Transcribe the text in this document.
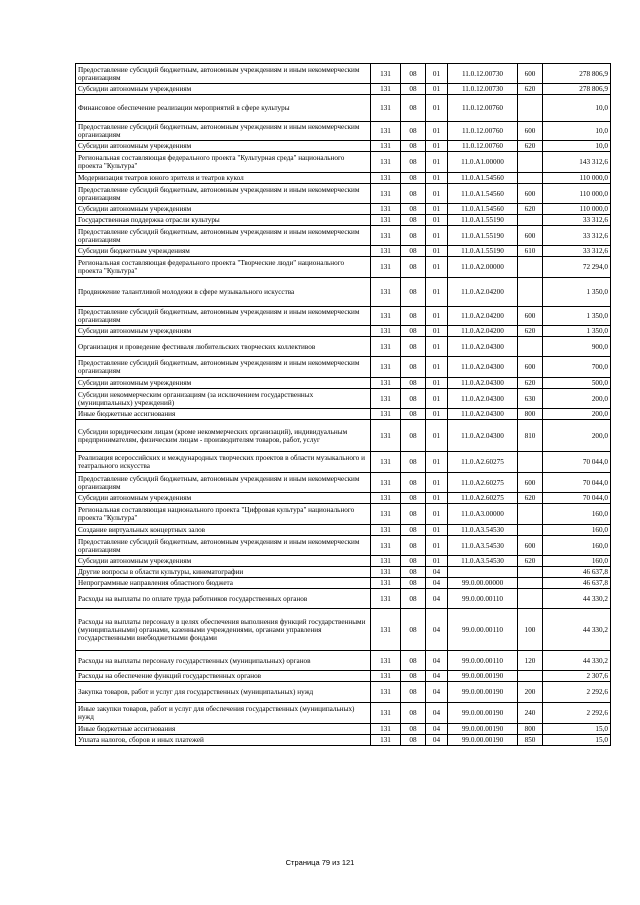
Предоставление субсидий бюджетным, автономным учреждениям и иным некоммерческим организациям	131	08	01	11.0.12.00730	600	278 806,9
Субсидии автономным учреждениям	131	08	01	11.0.12.00730	620	278 806,9
Финансовое обеспечение реализации мероприятий в сфере культуры	131	08	01	11.0.12.00760		10,0
Предоставление субсидий бюджетным, автономным учреждениям и иным некоммерческим организациям	131	08	01	11.0.12.00760	600	10,0
Субсидии автономным учреждениям	131	08	01	11.0.12.00760	620	10,0
Региональная составляющая федерального проекта "Культурная среда" национального проекта "Культура"	131	08	01	11.0.A1.00000		143 312,6
Модернизация театров юного зрителя и театров кукол	131	08	01	11.0.A1.54560		110 000,0
Предоставление субсидий бюджетным, автономным учреждениям и иным некоммерческим организациям	131	08	01	11.0.A1.54560	600	110 000,0
Субсидии автономным учреждениям	131	08	01	11.0.A1.54560	620	110 000,0
Государственная поддержка отрасли культуры	131	08	01	11.0.A1.55190		33 312,6
Предоставление субсидий бюджетным, автономным учреждениям и иным некоммерческим организациям	131	08	01	11.0.A1.55190	600	33 312,6
Субсидии бюджетным учреждениям	131	08	01	11.0.A1.55190	610	33 312,6
Региональная составляющая федерального проекта "Творческие люди" национального проекта "Культура"	131	08	01	11.0.A2.00000		72 294,0
Продвижение талантливой молодежи в сфере музыкального искусства	131	08	01	11.0.A2.04200		1 350,0
Предоставление субсидий бюджетным, автономным учреждениям и иным некоммерческим организациям	131	08	01	11.0.A2.04200	600	1 350,0
Субсидии автономным учреждениям	131	08	01	11.0.A2.04200	620	1 350,0
Организация и проведение фестиваля любительских творческих коллективов	131	08	01	11.0.A2.04300		900,0
Предоставление субсидий бюджетным, автономным учреждениям и иным некоммерческим организациям	131	08	01	11.0.A2.04300	600	700,0
Субсидии автономным учреждениям	131	08	01	11.0.A2.04300	620	500,0
Субсидии некоммерческим организациям (за исключением государственных (муниципальных) учреждений)	131	08	01	11.0.A2.04300	630	200,0
Иные бюджетные ассигнования	131	08	01	11.0.A2.04300	800	200,0
Субсидии юридическим лицам (кроме некоммерческих организаций), индивидуальным предпринимателям, физическим лицам - производителям товаров, работ, услуг	131	08	01	11.0.A2.04300	810	200,0
Реализация всероссийских и международных творческих проектов в области музыкального и театрального искусства	131	08	01	11.0.A2.60275		70 044,0
Предоставление субсидий бюджетным, автономным учреждениям и иным некоммерческим организациям	131	08	01	11.0.A2.60275	600	70 044,0
Субсидии автономным учреждениям	131	08	01	11.0.A2.60275	620	70 044,0
Региональная составляющая национального проекта "Цифровая культура" национального проекта "Культура"	131	08	01	11.0.A3.00000		160,0
Создание виртуальных концертных залов	131	08	01	11.0.A3.54530		160,0
Предоставление субсидий бюджетным, автономным учреждениям и иным некоммерческим организациям	131	08	01	11.0.A3.54530	600	160,0
Субсидии автономным учреждениям	131	08	01	11.0.A3.54530	620	160,0
Другие вопросы в области культуры, кинематографии	131	08	04			46 637,8
Непрограммные направления областного бюджета	131	08	04	99.0.00.00000		46 637,8
Расходы на выплаты по оплате труда работников государственных органов	131	08	04	99.0.00.00110		44 330,2
Расходы на выплаты персоналу в целях обеспечения выполнения функций государственными (муниципальными) органами, казенными учреждениями, органами управления государственными внебюджетными фондами	131	08	04	99.0.00.00110	100	44 330,2
Расходы на выплаты персоналу государственных (муниципальных) органов	131	08	04	99.0.00.00110	120	44 330,2
Расходы на обеспечение функций государственных органов	131	08	04	99.0.00.00190		2 307,6
Закупка товаров, работ и услуг для государственных (муниципальных) нужд	131	08	04	99.0.00.00190	200	2 292,6
Иные закупки товаров, работ и услуг для обеспечения государственных (муниципальных) нужд	131	08	04	99.0.00.00190	240	2 292,6
Иные бюджетные ассигнования	131	08	04	99.0.00.00190	800	15,0
Уплата налогов, сборов и иных платежей	131	08	04	99.0.00.00190	850	15,0
Страница 79 из 121
